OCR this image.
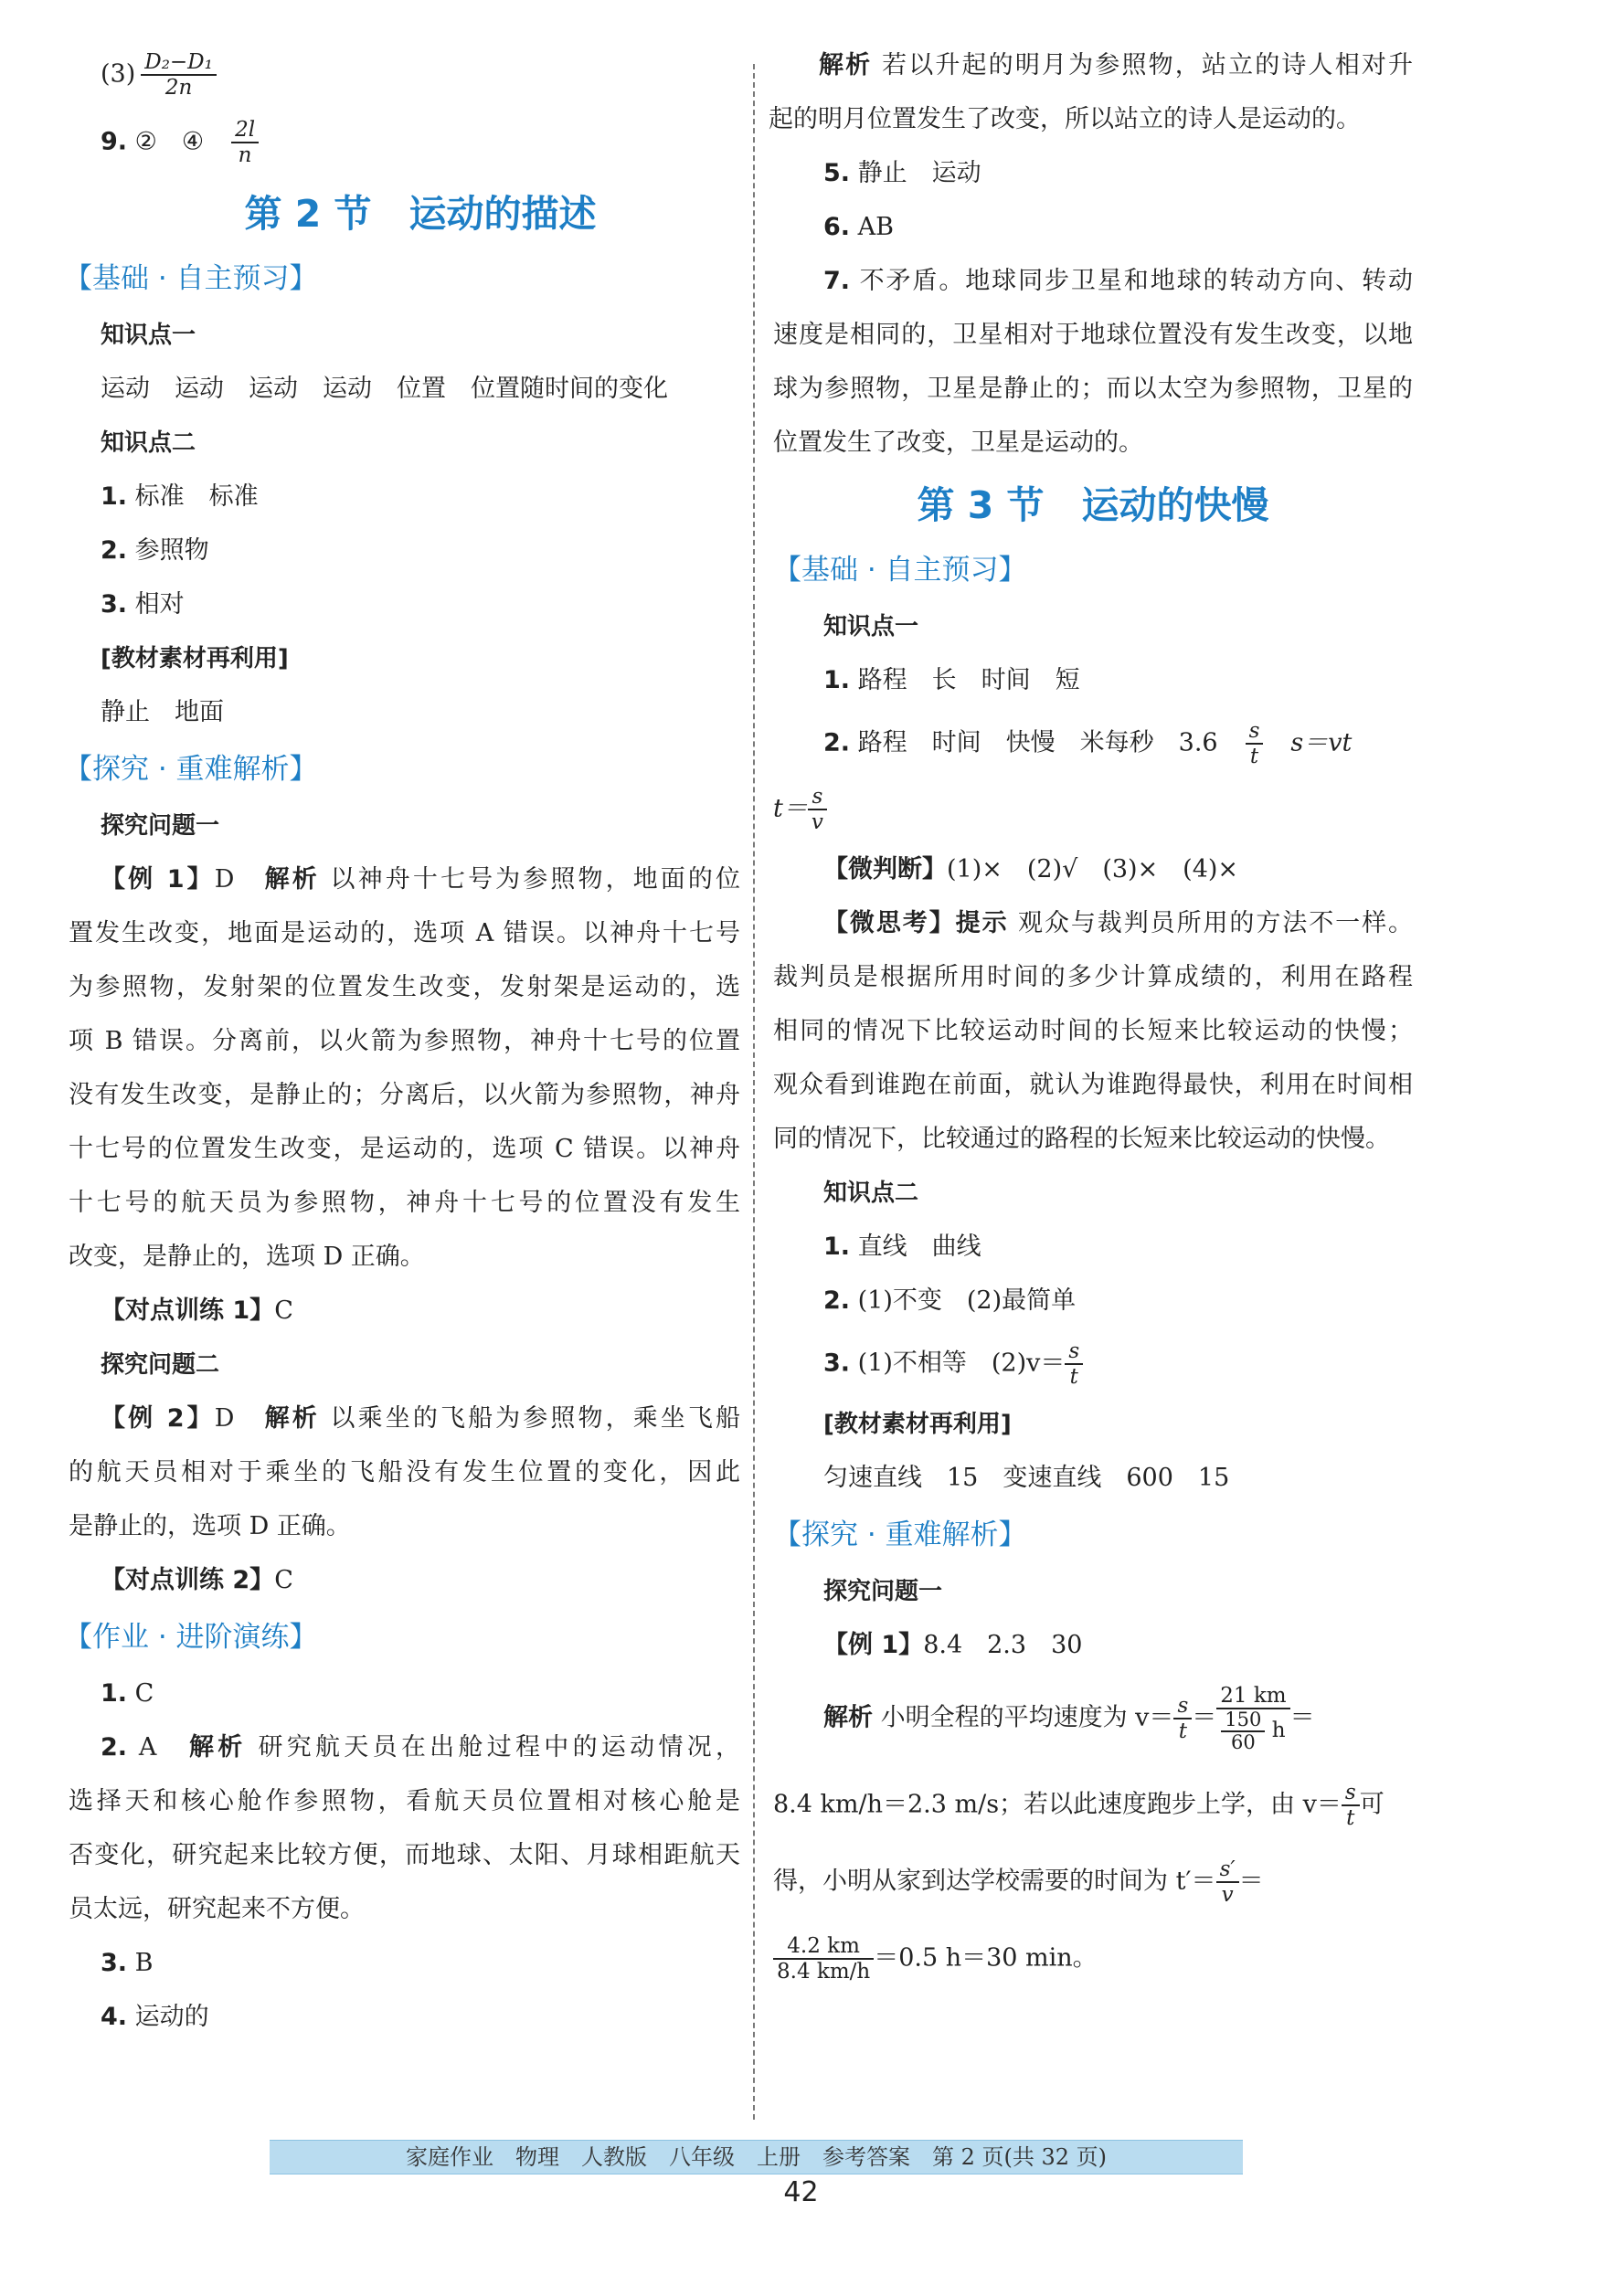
$(3) \frac{\text{D₂−D₁}}{2n}$
9. ②　④ $\frac{2l}{n}$
第 2 节　运动的描述
【基础 · 自主预习】
知识点一
运动　运动　运动　运动　位置　位置随时间的变化
知识点二
1. 标准　标准
2. 参照物
3. 相对
[教材素材再利用]
静止　地面
【探究 · 重难解析】
探究问题一
【例 1】D　 解析 以神舟十七号为参照物，地面的位
置发生改变，地面是运动的，选项 A 错误。以神舟十七号
为参照物，发射架的位置发生改变，发射架是运动的，选
项 B 错误。分离前，以火箭为参照物，神舟十七号的位置
没有发生改变，是静止的；分离后，以火箭为参照物，神舟
十七号的位置发生改变，是运动的，选项 C 错误。以神舟
十七号的航天员为参照物，神舟十七号的位置没有发生
改变，是静止的，选项 D 正确。
【对点训练 1】C
探究问题二
【例 2】D　 解析 以乘坐的飞船为参照物，乘坐飞船
的航天员相对于乘坐的飞船没有发生位置的变化，因此
是静止的，选项 D 正确。
【对点训练 2】C
【作业 · 进阶演练】
1. C
2. A　 解析 研究航天员在出舱过程中的运动情况，
选择天和核心舱作参照物，看航天员位置相对核心舱是
否变化，研究起来比较方便，而地球、太阳、月球相距航天
员太远，研究起来不方便。
3. B
4. 运动的
解析 若以升起的明月为参照物，站立的诗人相对升
起的明月位置发生了改变，所以站立的诗人是运动的。
5. 静止　运动
6. AB
7. 不矛盾。地球同步卫星和地球的转动方向、转动
速度是相同的，卫星相对于地球位置没有发生改变，以地
球为参照物，卫星是静止的；而以太空为参照物，卫星的
位置发生了改变，卫星是运动的。
第 3 节　运动的快慢
【基础 · 自主预习】
知识点一
1. 路程　长　时间　短
2. 路程　时间　快慢　米每秒　$3.6 \frac{s}{t} s=vt$
$t= \frac{s}{v}$
【微判断】(1)×　(2)√　(3)×　(4)×
【微思考】提示 观众与裁判员所用的方法不一样。
裁判员是根据所用时间的多少计算成绩的，利用在路程
相同的情况下比较运动时间的长短来比较运动的快慢；
观众看到谁跑在前面，就认为谁跑得最快，利用在时间相
同的情况下，比较通过的路程的长短来比较运动的快慢。
知识点二
1. 直线　曲线
2. (1)不变　(2)最简单
3. (1)不相等　$(2)v= \frac{s}{t}$
[教材素材再利用]
匀速直线　15　变速直线　600　15
【探究 · 重难解析】
探究问题一
【例 1】8.4　2.3　30
解析 小明全程的平均速度为 $v= \frac{s}{t} = \frac{21 km}{\frac{150}{60} h}$ ＝
8.4 km/h＝2.3 m/s；若以此速度跑步上学，由 $v= \frac{s}{t}$ 可
得，小明从家到达学校需要的时间为 $t'= \frac{s'}{v}$ ＝
$\frac{4.2 km}{8.4 km/h} =0.5$ h＝30 min。
家庭作业　物理　人教版　八年级　上册　参考答案　第 2 页(共 32 页)
42
